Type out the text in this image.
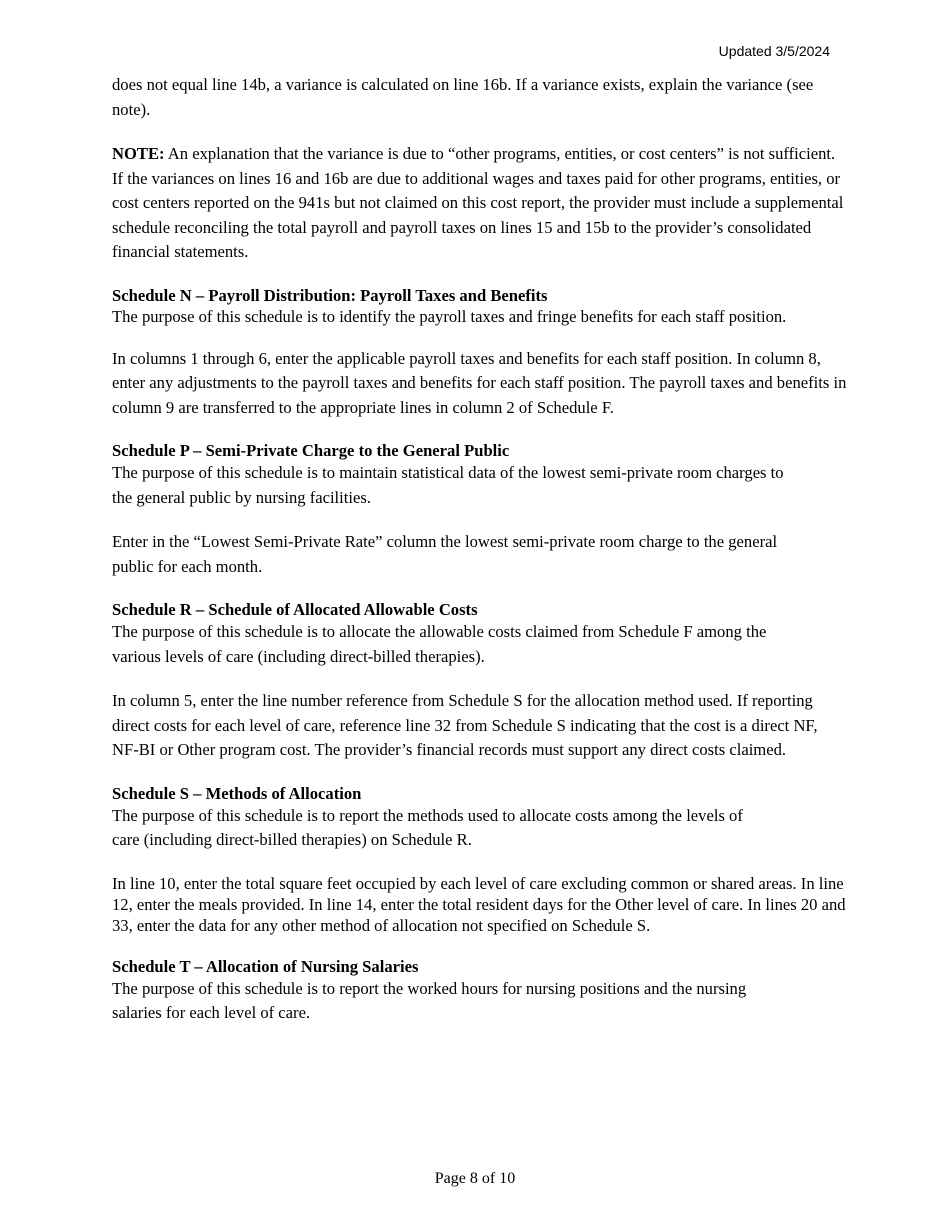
Updated 3/5/2024

does not equal line 14b, a variance is calculated on line 16b. If a variance exists, explain the variance (see note).

NOTE: An explanation that the variance is due to “other programs, entities, or cost centers” is not sufficient. If the variances on lines 16 and 16b are due to additional wages and taxes paid for other programs, entities, or cost centers reported on the 941s but not claimed on this cost report, the provider must include a supplemental schedule reconciling the total payroll and payroll taxes on lines 15 and 15b to the provider’s consolidated financial statements.

Schedule N – Payroll Distribution: Payroll Taxes and Benefits

The purpose of this schedule is to identify the payroll taxes and fringe benefits for each staff position.

In columns 1 through 6, enter the applicable payroll taxes and benefits for each staff position. In column 8, enter any adjustments to the payroll taxes and benefits for each staff position. The payroll taxes and benefits in column 9 are transferred to the appropriate lines in column 2 of Schedule F.

Schedule P – Semi-Private Charge to the General Public

The purpose of this schedule is to maintain statistical data of the lowest semi-private room charges to the general public by nursing facilities.

Enter in the “Lowest Semi-Private Rate” column the lowest semi-private room charge to the general public for each month.

Schedule R – Schedule of Allocated Allowable Costs

The purpose of this schedule is to allocate the allowable costs claimed from Schedule F among the various levels of care (including direct-billed therapies).

In column 5, enter the line number reference from Schedule S for the allocation method used. If reporting direct costs for each level of care, reference line 32 from Schedule S indicating that the cost is a direct NF, NF-BI or Other program cost. The provider’s financial records must support any direct costs claimed.

Schedule S – Methods of Allocation

The purpose of this schedule is to report the methods used to allocate costs among the levels of care (including direct-billed therapies) on Schedule R.

In line 10, enter the total square feet occupied by each level of care excluding common or shared areas. In line 12, enter the meals provided. In line 14, enter the total resident days for the Other level of care. In lines 20 and 33, enter the data for any other method of allocation not specified on Schedule S.

Schedule T – Allocation of Nursing Salaries

The purpose of this schedule is to report the worked hours for nursing positions and the nursing salaries for each level of care.

Page 8 of 10
